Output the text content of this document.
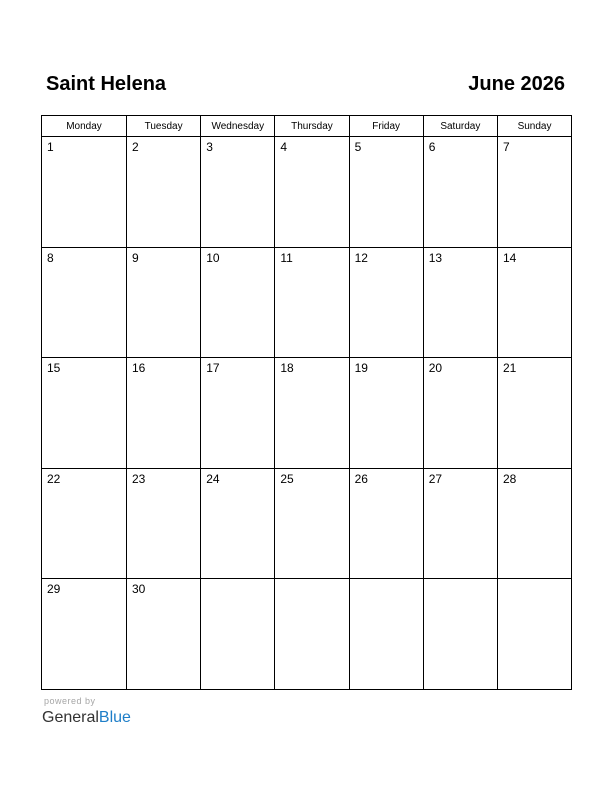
Saint Helena	June 2026
Monday	Tuesday	Wednesday	Thursday	Friday	Saturday	Sunday

1	2	3	4	5	6	7

8	9	10	11	12	13	14

15	16	17	18	19	20	21

22	23	24	25	26	27	28

29	30					

powered by
GeneralBlue
